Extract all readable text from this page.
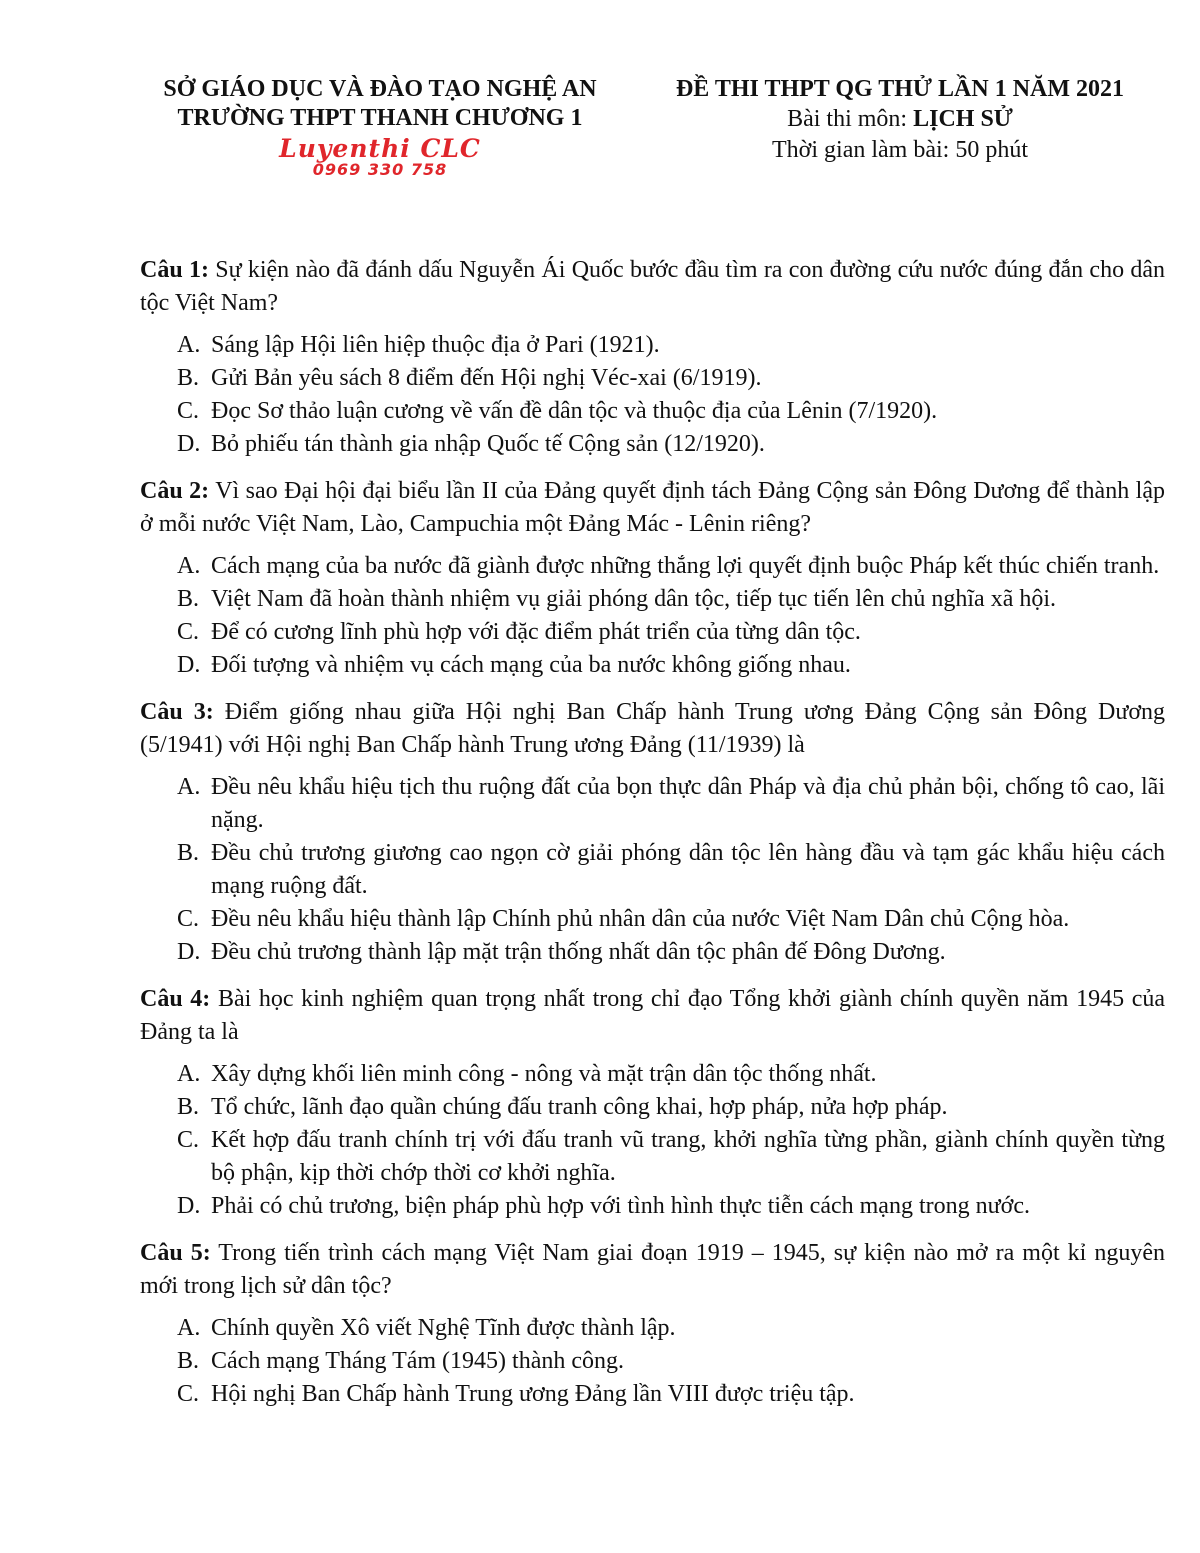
SỞ GIÁO DỤC VÀ ĐÀO TẠO NGHỆ AN
TRƯỜNG THPT THANH CHƯƠNG 1
Luyenthi CLC
0969 330 758
ĐỀ THI THPT QG THỬ LẦN 1 NĂM 2021
Bài thi môn: LỊCH SỬ
Thời gian làm bài: 50 phút
Câu 1: Sự kiện nào đã đánh dấu Nguyễn Ái Quốc bước đầu tìm ra con đường cứu nước đúng đắn cho dân tộc Việt Nam?
A. Sáng lập Hội liên hiệp thuộc địa ở Pari (1921).
B. Gửi Bản yêu sách 8 điểm đến Hội nghị Véc-xai (6/1919).
C. Đọc Sơ thảo luận cương về vấn đề dân tộc và thuộc địa của Lênin (7/1920).
D. Bỏ phiếu tán thành gia nhập Quốc tế Cộng sản (12/1920).
Câu 2: Vì sao Đại hội đại biểu lần II của Đảng quyết định tách Đảng Cộng sản Đông Dương để thành lập ở mỗi nước Việt Nam, Lào, Campuchia một Đảng Mác - Lênin riêng?
A. Cách mạng của ba nước đã giành được những thắng lợi quyết định buộc Pháp kết thúc chiến tranh.
B. Việt Nam đã hoàn thành nhiệm vụ giải phóng dân tộc, tiếp tục tiến lên chủ nghĩa xã hội.
C. Để có cương lĩnh phù hợp với đặc điểm phát triển của từng dân tộc.
D. Đối tượng và nhiệm vụ cách mạng của ba nước không giống nhau.
Câu 3: Điểm giống nhau giữa Hội nghị Ban Chấp hành Trung ương Đảng Cộng sản Đông Dương (5/1941) với Hội nghị Ban Chấp hành Trung ương Đảng (11/1939) là
A. Đều nêu khẩu hiệu tịch thu ruộng đất của bọn thực dân Pháp và địa chủ phản bội, chống tô cao, lãi nặng.
B. Đều chủ trương giương cao ngọn cờ giải phóng dân tộc lên hàng đầu và tạm gác khẩu hiệu cách mạng ruộng đất.
C. Đều nêu khẩu hiệu thành lập Chính phủ nhân dân của nước Việt Nam Dân chủ Cộng hòa.
D. Đều chủ trương thành lập mặt trận thống nhất dân tộc phân đế Đông Dương.
Câu 4: Bài học kinh nghiệm quan trọng nhất trong chỉ đạo Tổng khởi giành chính quyền năm 1945 của Đảng ta là
A. Xây dựng khối liên minh công - nông và mặt trận dân tộc thống nhất.
B. Tổ chức, lãnh đạo quần chúng đấu tranh công khai, hợp pháp, nửa hợp pháp.
C. Kết hợp đấu tranh chính trị với đấu tranh vũ trang, khởi nghĩa từng phần, giành chính quyền từng bộ phận, kịp thời chớp thời cơ khởi nghĩa.
D. Phải có chủ trương, biện pháp phù hợp với tình hình thực tiễn cách mạng trong nước.
Câu 5: Trong tiến trình cách mạng Việt Nam giai đoạn 1919 – 1945, sự kiện nào mở ra một kỉ nguyên mới trong lịch sử dân tộc?
A. Chính quyền Xô viết Nghệ Tĩnh được thành lập.
B. Cách mạng Tháng Tám (1945) thành công.
C. Hội nghị Ban Chấp hành Trung ương Đảng lần VIII được triệu tập.
